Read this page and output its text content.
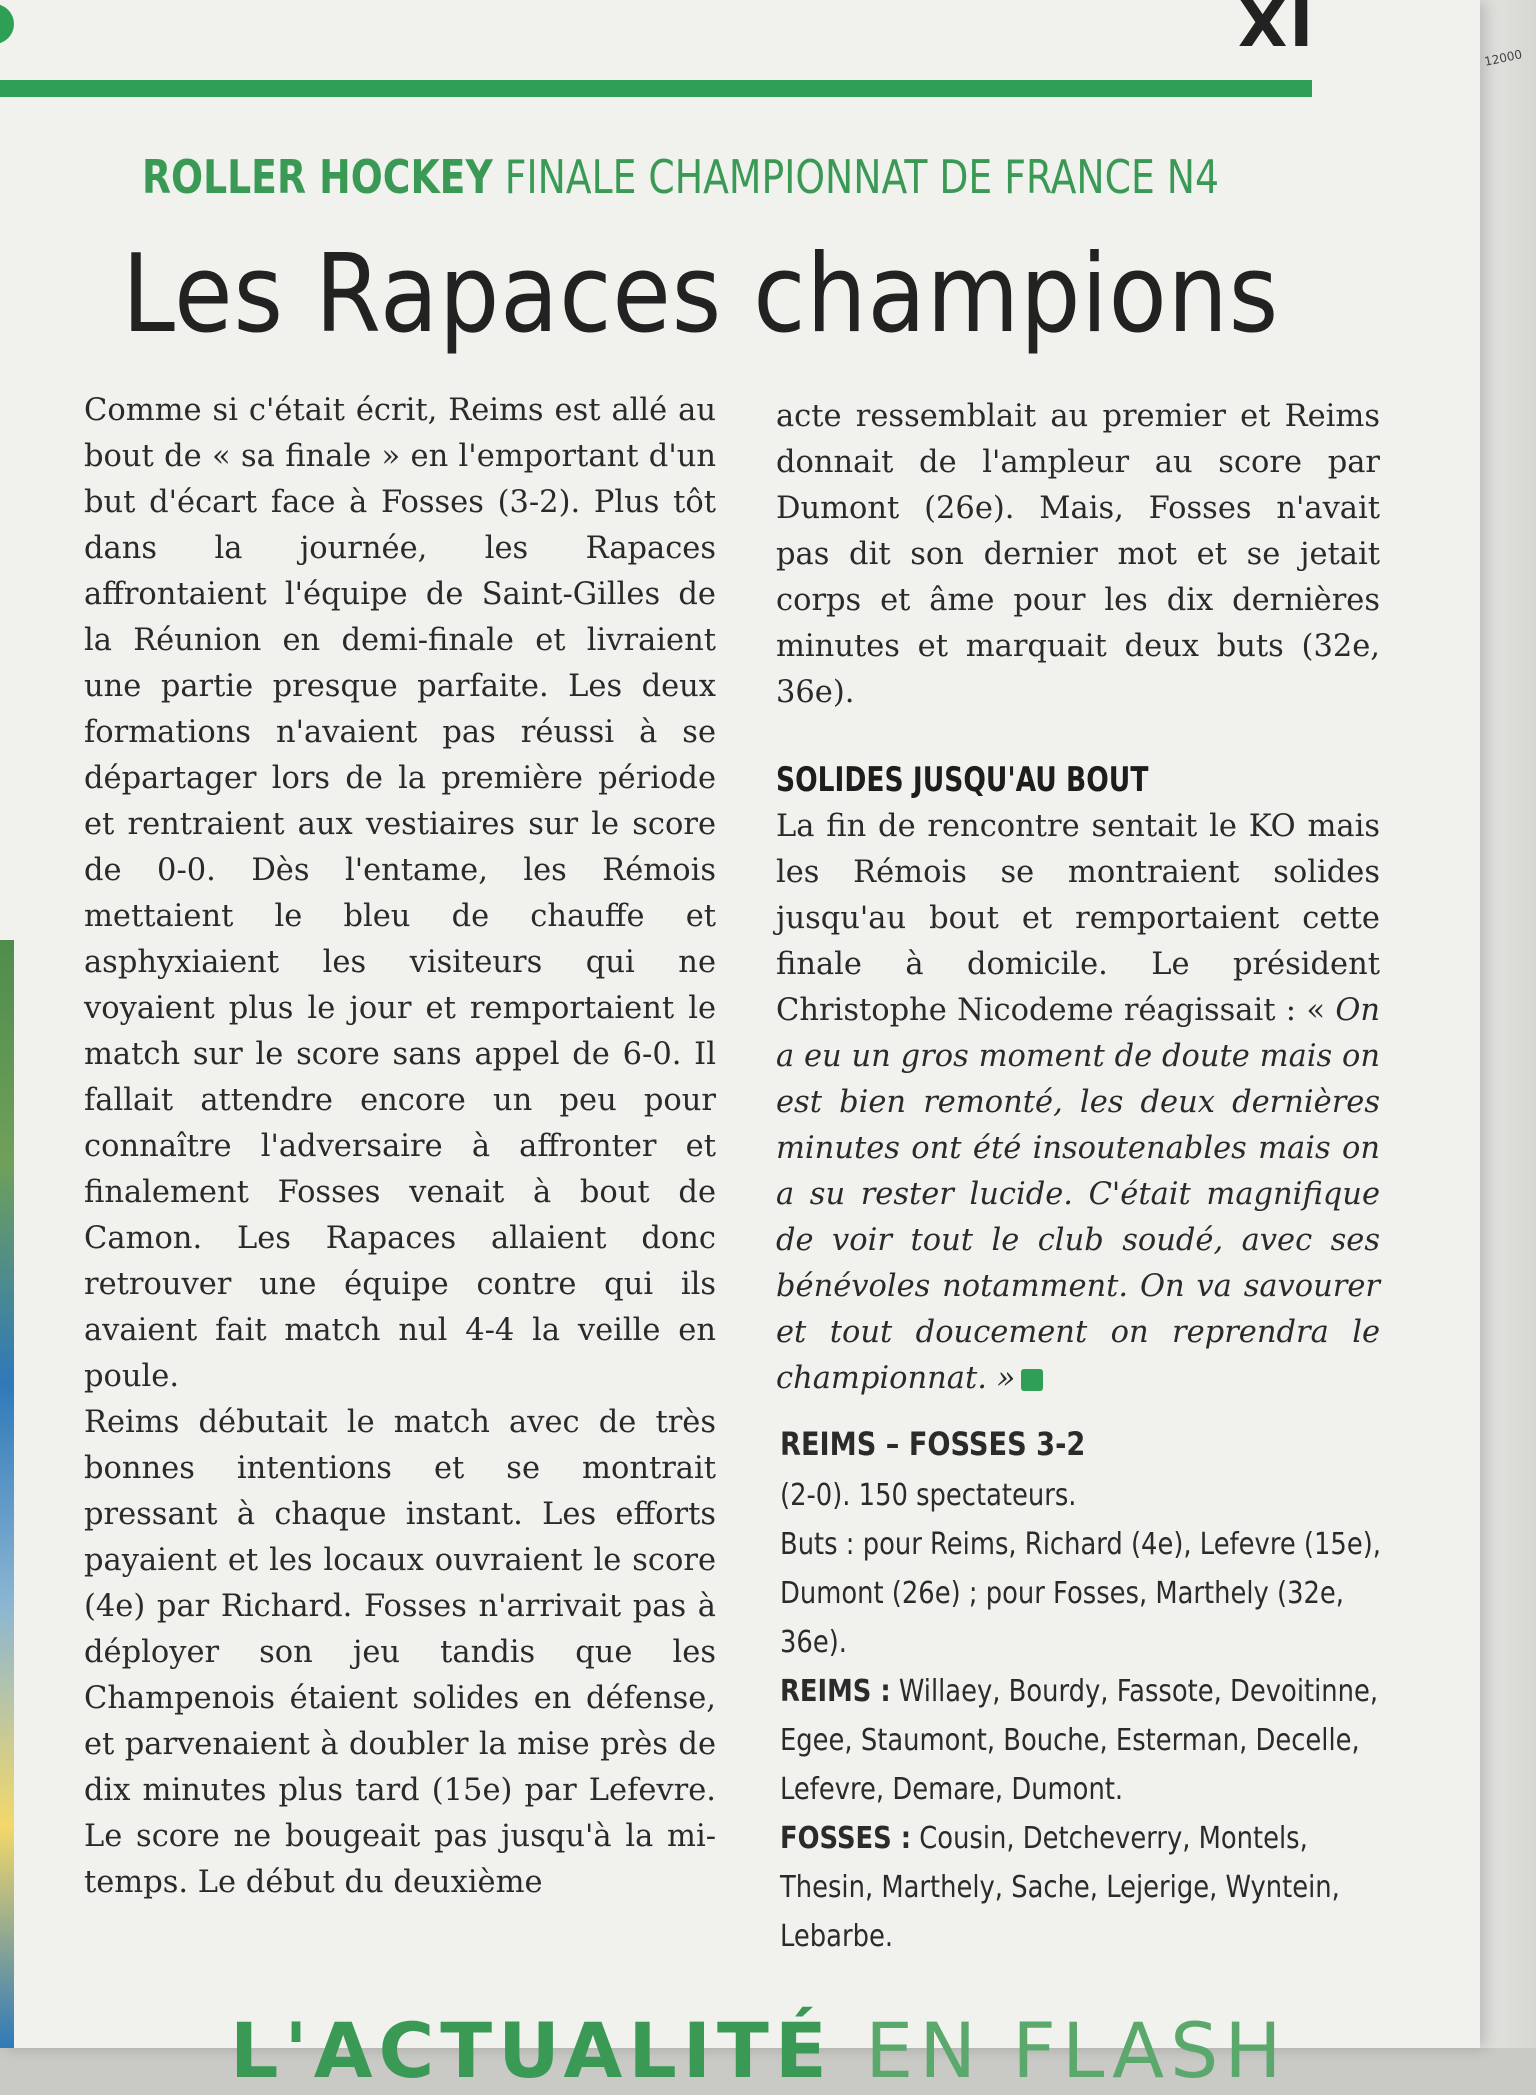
12000
XI
ROLLER HOCKEY FINALE CHAMPIONNAT DE FRANCE N4
Les Rapaces champions

Comme si c'était écrit, Reims est allé au bout de « sa finale » en l'emportant d'un but d'écart face à Fosses (3-2). Plus tôt dans la journée, les Rapaces affrontaient l'équipe de Saint-Gilles de la Réunion en demi-finale et livraient une partie presque parfaite. Les deux formations n'avaient pas réussi à se départager lors de la première période et rentraient aux vestiaires sur le score de 0-0. Dès l'entame, les Rémois mettaient le bleu de chauffe et asphyxiaient les visiteurs qui ne voyaient plus le jour et remportaient le match sur le score sans appel de 6-0. Il fallait attendre encore un peu pour connaître l'adversaire à affronter et finalement Fosses venait à bout de Camon. Les Rapaces allaient donc retrouver une équipe contre qui ils avaient fait match nul 4-4 la veille en poule.

Reims débutait le match avec de très bonnes intentions et se montrait pressant à chaque instant. Les efforts payaient et les locaux ouvraient le score (4e) par Richard. Fosses n'arrivait pas à déployer son jeu tandis que les Champenois étaient solides en défense, et parvenaient à doubler la mise près de dix minutes plus tard (15e) par Lefevre. Le score ne bougeait pas jusqu'à la mi-temps. Le début du deuxième

acte ressemblait au premier et Reims donnait de l'ampleur au score par Dumont (26e). Mais, Fosses n'avait pas dit son dernier mot et se jetait corps et âme pour les dix dernières minutes et marquait deux buts (32e, 36e).

SOLIDES JUSQU'AU BOUT

La fin de rencontre sentait le KO mais les Rémois se montraient solides jusqu'au bout et remportaient cette finale à domicile. Le président Christophe Nicodeme réagissait : « On a eu un gros moment de doute mais on est bien remonté, les deux dernières minutes ont été insoutenables mais on a su rester lucide. C'était magnifique de voir tout le club soudé, avec ses bénévoles notamment. On va savourer et tout doucement on reprendra le championnat. »

REIMS – FOSSES 3-2

(2-0). 150 spectateurs.

Buts : pour Reims, Richard (4e), Lefevre (15e), Dumont (26e) ; pour Fosses, Marthely (32e, 36e).

REIMS : Willaey, Bourdy, Fassote, Devoitinne, Egee, Staumont, Bouche, Esterman, Decelle, Lefevre, Demare, Dumont.

FOSSES : Cousin, Detcheverry, Montels, Thesin, Marthely, Sache, Lejerige, Wyntein, Lebarbe.

L'ACTUALITÉ EN FLASH
